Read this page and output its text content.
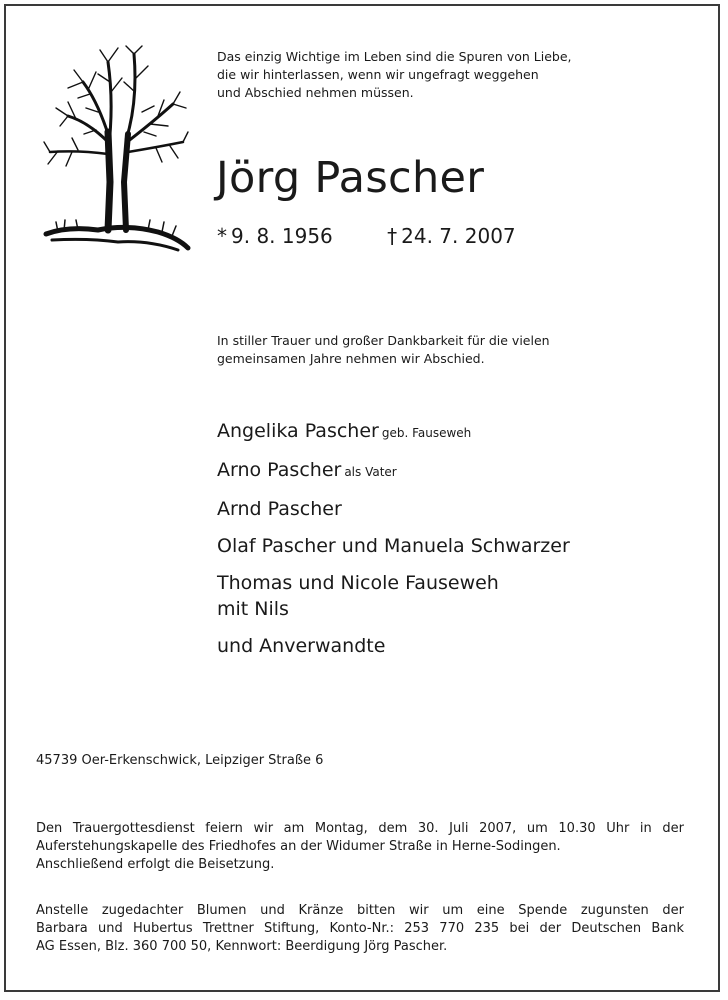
Das einzig Wichtige im Leben sind die Spuren von Liebe,

die wir hinterlassen, wenn wir ungefragt weggehen

und Abschied nehmen müssen.

Jörg Pascher
* 9. 8. 1956	† 24. 7. 2007

In stiller Trauer und großer Dankbarkeit für die vielen

gemeinsamen Jahre nehmen wir Abschied.

Angelika Pascher geb. Fauseweh
Arno Pascher als Vater
Arnd Pascher
Olaf Pascher und Manuela Schwarzer

Thomas und Nicole Fauseweh

mit Nils

und Anverwandte
45739 Oer-Erkenschwick, Leipziger Straße 6

Den Trauergottesdienst feiern wir am Montag, dem 30. Juli 2007, um 10.30 Uhr in der

Auferstehungskapelle des Friedhofes an der Widumer Straße in Herne-Sodingen.

Anschließend erfolgt die Beisetzung.

Anstelle zugedachter Blumen und Kränze bitten wir um eine Spende zugunsten der

Barbara und Hubertus Trettner Stiftung, Konto-Nr.: 253 770 235 bei der Deutschen Bank

AG Essen, Blz. 360 700 50, Kennwort: Beerdigung Jörg Pascher.
